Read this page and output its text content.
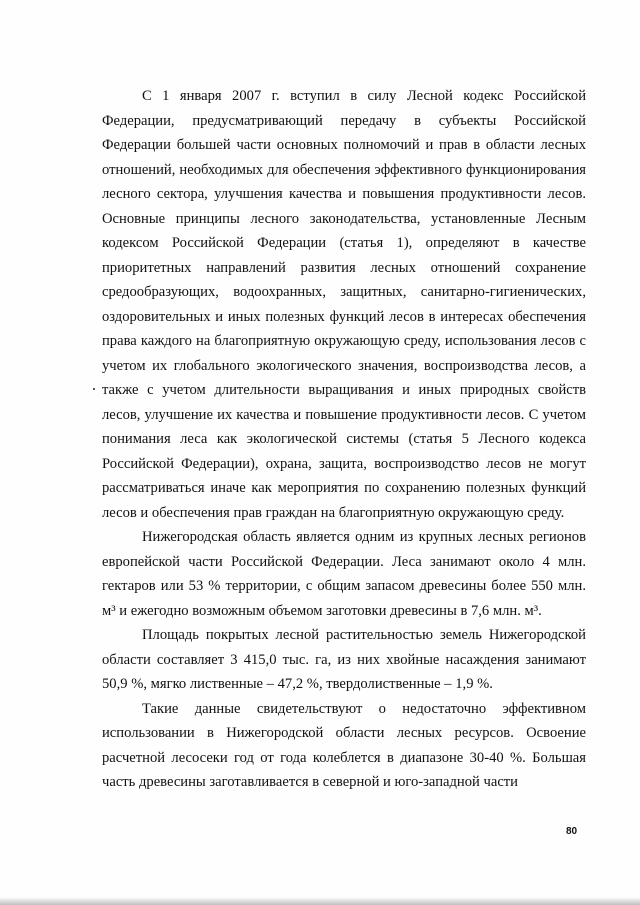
С 1 января 2007 г. вступил в силу Лесной кодекс Российской Федерации, предусматривающий передачу в субъекты Российской Федерации большей части основных полномочий и прав в области лесных отношений, необходимых для обеспечения эффективного функционирования лесного сектора, улучшения качества и повышения продуктивности лесов. Основные принципы лесного законодательства, установленные Лесным кодексом Российской Федерации (статья 1), определяют в качестве приоритетных направлений развития лесных отношений сохранение средообразующих, водоохранных, защитных, санитарно-гигиенических, оздоровительных и иных полезных функций лесов в интересах обеспечения права каждого на благоприятную окружающую среду, использования лесов с учетом их глобального экологического значения, воспроизводства лесов, а также с учетом длительности выращивания и иных природных свойств лесов, улучшение их качества и повышение продуктивности лесов. С учетом понимания леса как экологической системы (статья 5 Лесного кодекса Российской Федерации), охрана, защита, воспроизводство лесов не могут рассматриваться иначе как мероприятия по сохранению полезных функций лесов и обеспечения прав граждан на благоприятную окружающую среду.

Нижегородская область является одним из крупных лесных регионов европейской части Российской Федерации. Леса занимают около 4 млн. гектаров или 53 % территории, с общим запасом древесины более 550 млн. м³ и ежегодно возможным объемом заготовки древесины в 7,6 млн. м³.

Площадь покрытых лесной растительностью земель Нижегородской области составляет 3 415,0 тыс. га, из них хвойные насаждения занимают 50,9 %, мягко лиственные – 47,2 %, твердолиственные – 1,9 %.

Такие данные свидетельствуют о недостаточно эффективном использовании в Нижегородской области лесных ресурсов. Освоение расчетной лесосеки год от года колеблется в диапазоне 30-40 %. Большая часть древесины заготавливается в северной и юго-западной части

80
